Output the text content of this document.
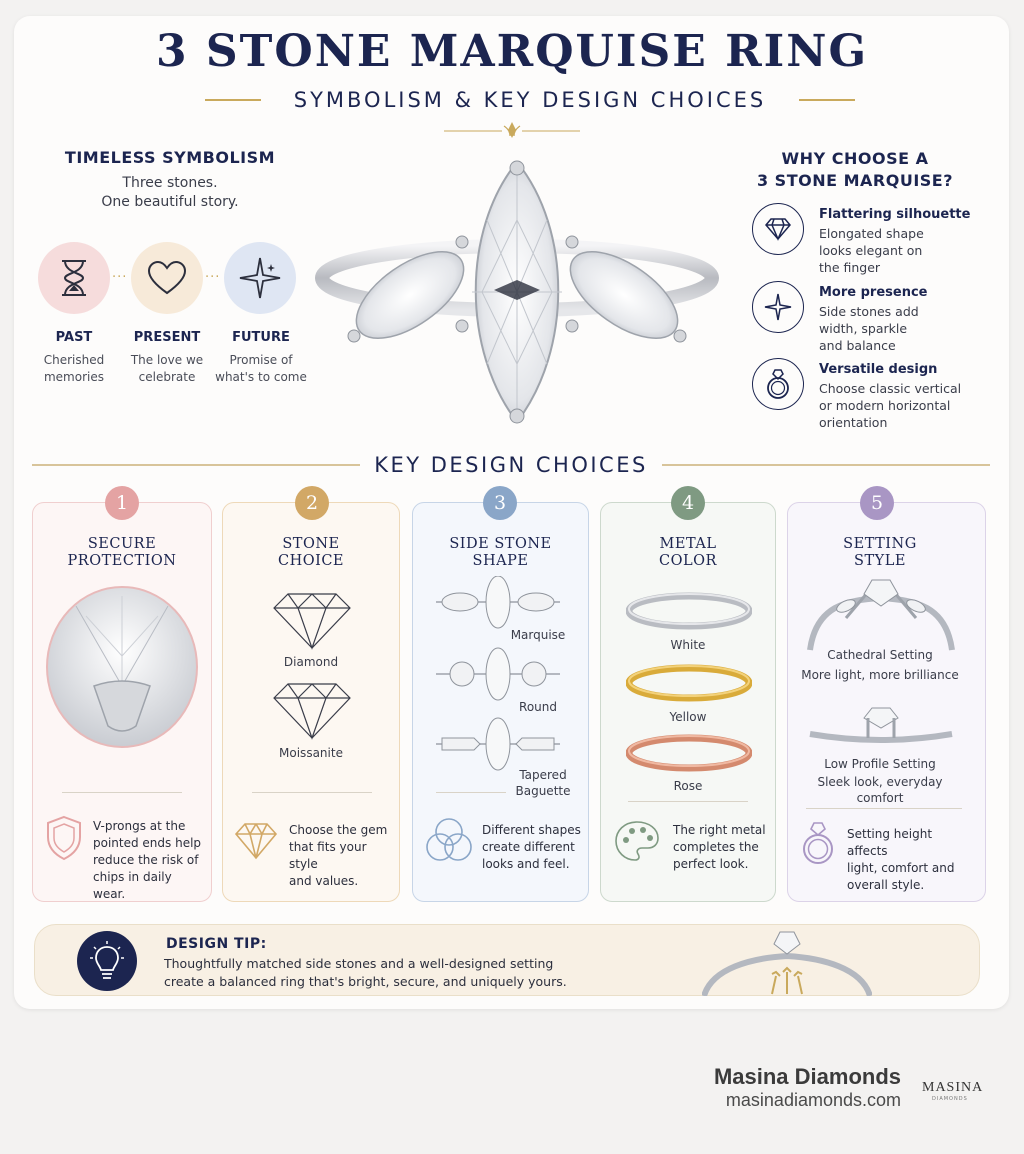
3 STONE MARQUISE RING
SYMBOLISM & KEY DESIGN CHOICES
TIMELESS SYMBOLISM
Three stones.
One beautiful story.
···	···
PAST
Cherished
memories
PRESENT
The love we
celebrate
FUTURE
Promise of
what's to come
WHY CHOOSE A
3 STONE MARQUISE?
Flattering silhouette
Elongated shape
looks elegant on
the finger
More presence
Side stones add
width, sparkle
and balance
Versatile design
Choose classic vertical
or modern horizontal
orientation
KEY DESIGN CHOICES
1
SECURE
PROTECTION
V-prongs at the
pointed ends help
reduce the risk of
chips in daily wear.
2
STONE
CHOICE
Diamond
Moissanite
Choose the gem
that fits your style
and values.
3
SIDE STONE
SHAPE
Marquise
Round
Tapered
Baguette
Different shapes
create different
looks and feel.
4
METAL
COLOR
White
Yellow
Rose
The right metal
completes the
perfect look.
5
SETTING
STYLE
Cathedral Setting
More light, more brilliance
Low Profile Setting
Sleek look, everyday
comfort
Setting height affects
light, comfort and
overall style.
DESIGN TIP:
Thoughtfully matched side stones and a well-designed setting
create a balanced ring that's bright, secure, and uniquely yours.
Masina Diamonds
masinadiamonds.com
MASINA
DIAMONDS
